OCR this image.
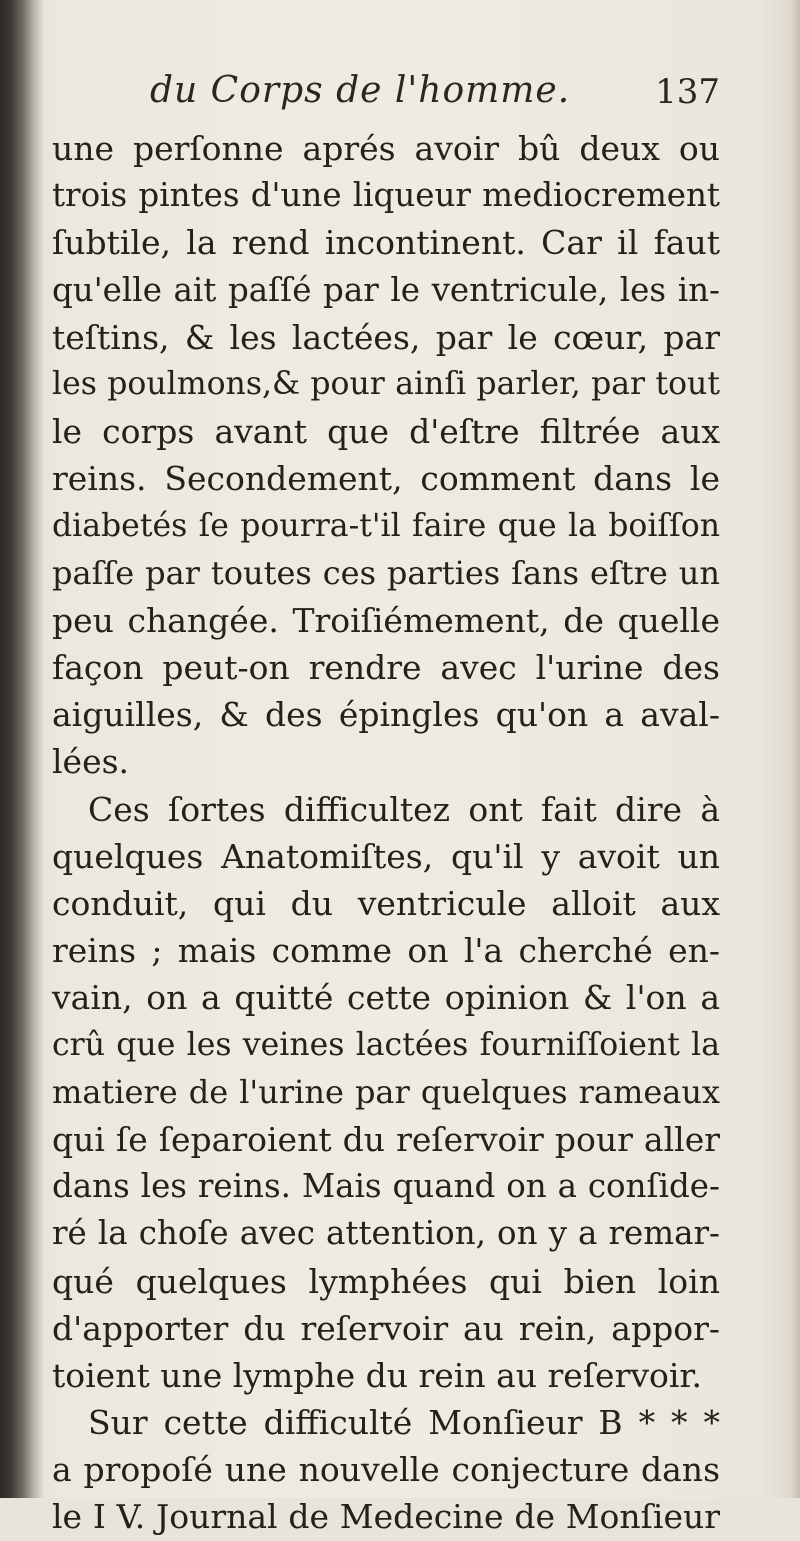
du Corps de l'homme. 137
une perſonne aprés avoir bû deux ou
trois pintes d'une liqueur mediocrement
ſubtile, la rend incontinent. Car il faut
qu'elle ait paſſé par le ventricule, les in-
teſtins, & les lactées, par le cœur, par
les poulmons,& pour ainſi parler, par tout
le corps avant que d'eſtre filtrée aux
reins. Secondement, comment dans le
diabetés ſe pourra-t'il faire que la boiſſon
paſſe par toutes ces parties ſans eſtre un
peu changée. Troiſiémement, de quelle
façon peut-on rendre avec l'urine des
aiguilles, & des épingles qu'on a aval-
lées.
Ces ſortes difficultez ont fait dire à
quelques Anatomiſtes, qu'il y avoit un
conduit, qui du ventricule alloit aux
reins ; mais comme on l'a cherché en-
vain, on a quitté cette opinion & l'on a
crû que les veines lactées fourniſſoient la
matiere de l'urine par quelques rameaux
qui ſe ſeparoient du reſervoir pour aller
dans les reins. Mais quand on a conſide-
ré la choſe avec attention, on y a remar-
qué quelques lymphées qui bien loin
d'apporter du reſervoir au rein, appor-
toient une lymphe du rein au reſervoir.
Sur cette difficulté Monſieur B * * *
a propoſé une nouvelle conjecture dans
le I V. Journal de Medecine de Monſieur
